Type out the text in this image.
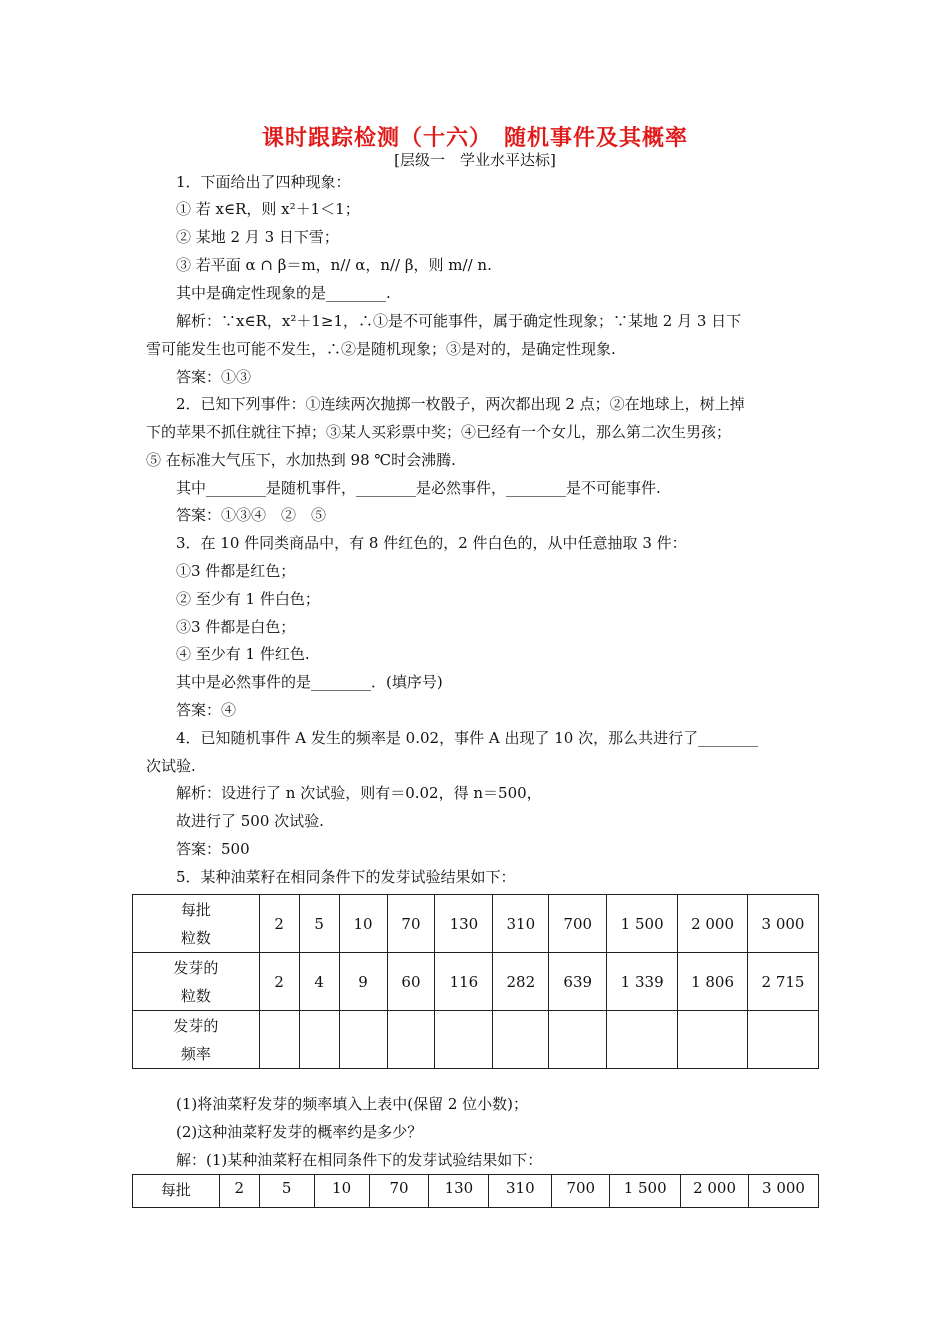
课时跟踪检测（十六）　随机事件及其概率
[层级一　学业水平达标]
1．下面给出了四种现象：
① 若 x∈R，则 x²＋1＜1；
② 某地 2 月 3 日下雪；
③ 若平面 α ∩ β＝m，n// α，n// β，则 m// n.
其中是确定性现象的是________.
解析：∵x∈R，x²＋1≥1，∴①是不可能事件，属于确定性现象；∵某地 2 月 3 日下
雪可能发生也可能不发生，∴②是随机现象；③是对的，是确定性现象.
答案：①③
2．已知下列事件：①连续两次抛掷一枚骰子，两次都出现 2 点；②在地球上，树上掉
下的苹果不抓住就往下掉；③某人买彩票中奖；④已经有一个女儿，那么第二次生男孩；
⑤ 在标准大气压下，水加热到 98 ℃时会沸腾.
其中________是随机事件，________是必然事件，________是不可能事件.
答案：①③④　②　⑤
3．在 10 件同类商品中，有 8 件红色的，2 件白色的，从中任意抽取 3 件：
①3 件都是红色；
② 至少有 1 件白色；
③3 件都是白色；
④ 至少有 1 件红色.
其中是必然事件的是________．(填序号)
答案：④
4．已知随机事件 A 发生的频率是 0.02，事件 A 出现了 10 次，那么共进行了________
次试验.
解析：设进行了 n 次试验，则有＝0.02，得 n＝500，
故进行了 500 次试验.
答案：500
5．某种油菜籽在相同条件下的发芽试验结果如下：
每批
粒数	2	5	10	70	130	310	700	1 500	2 000	3 000
发芽的
粒数	2	4	9	60	116	282	639	1 339	1 806	2 715
发芽的
频率										
(1)将油菜籽发芽的频率填入上表中(保留 2 位小数)；
(2)这种油菜籽发芽的概率约是多少？
解：(1)某种油菜籽在相同条件下的发芽试验结果如下：
每批	2	5	10	70	130	310	700	1 500	2 000	3 000
